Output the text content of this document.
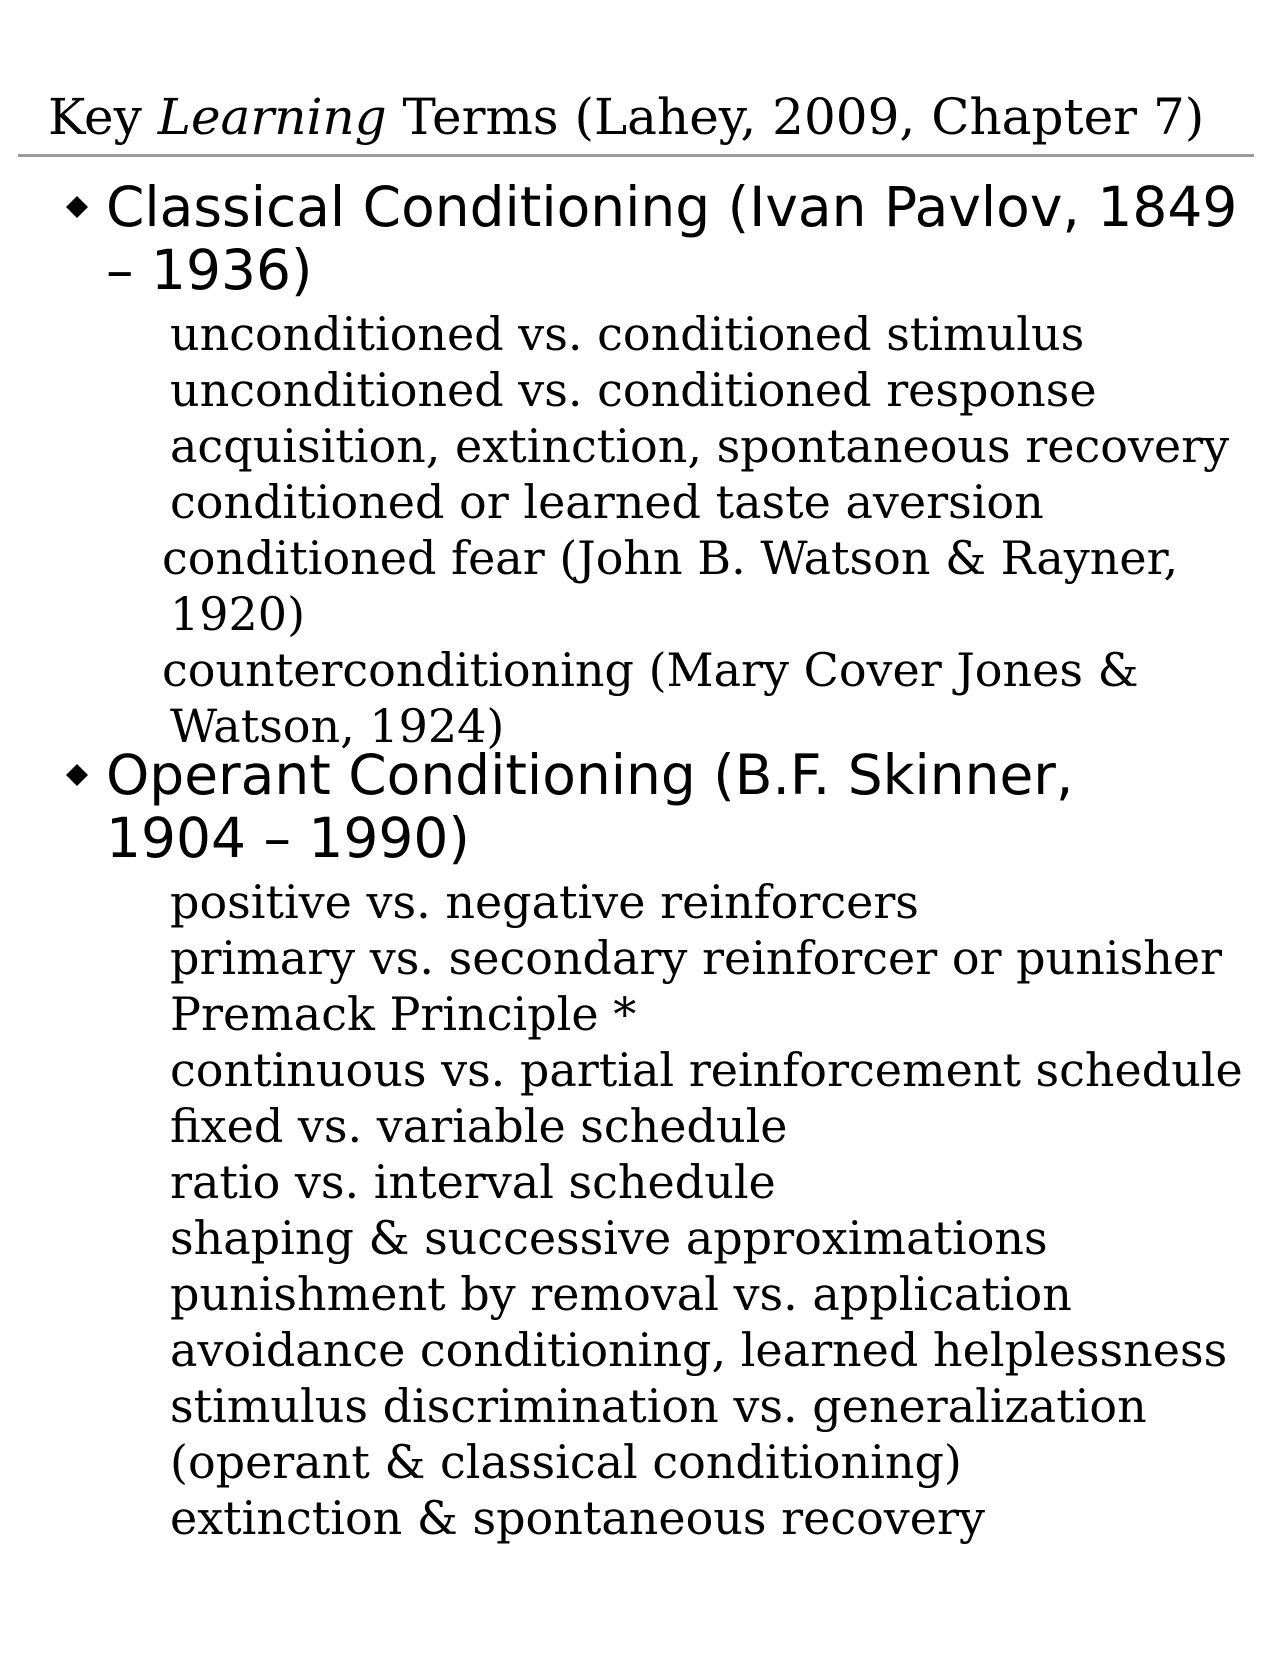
Key Learning Terms (Lahey, 2009, Chapter 7)
Classical Conditioning (Ivan Pavlov, 1849 – 1936)
unconditioned vs. conditioned stimulus
unconditioned vs. conditioned response
acquisition, extinction, spontaneous recovery
conditioned or learned taste aversion
conditioned fear (John B. Watson & Rayner, 1920)
counterconditioning (Mary Cover Jones & Watson, 1924)
Operant Conditioning (B.F. Skinner, 1904 – 1990)
positive vs. negative reinforcers
primary vs. secondary reinforcer or punisher
Premack Principle *
continuous vs. partial reinforcement schedule
fixed vs. variable schedule
ratio vs. interval schedule
shaping & successive approximations
punishment by removal vs. application
avoidance conditioning, learned helplessness
stimulus discrimination vs. generalization
(operant & classical conditioning)
extinction & spontaneous recovery
